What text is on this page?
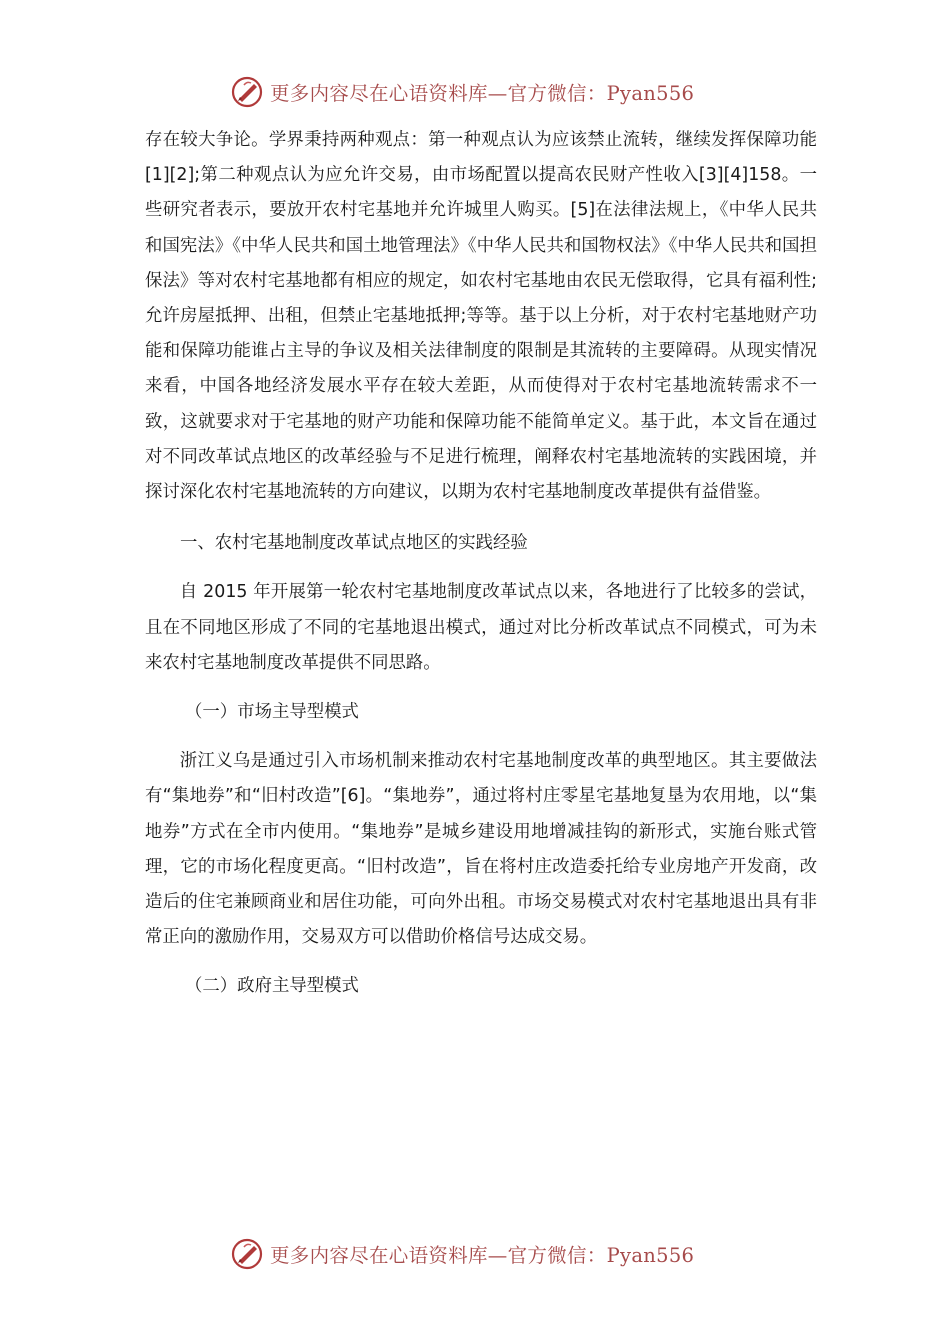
更多内容尽在心语资料库—官方微信：Pyan556

存在较大争论。学界秉持两种观点：第一种观点认为应该禁止流转，继续发挥保障功能[1][2];第二种观点认为应允许交易，由市场配置以提高农民财产性收入[3][4]158。一些研究者表示，要放开农村宅基地并允许城里人购买。[5]在法律法规上，《中华人民共和国宪法》《中华人民共和国土地管理法》《中华人民共和国物权法》《中华人民共和国担保法》等对农村宅基地都有相应的规定，如农村宅基地由农民无偿取得，它具有福利性;允许房屋抵押、出租，但禁止宅基地抵押;等等。基于以上分析，对于农村宅基地财产功能和保障功能谁占主导的争议及相关法律制度的限制是其流转的主要障碍。从现实情况来看，中国各地经济发展水平存在较大差距，从而使得对于农村宅基地流转需求不一致，这就要求对于宅基地的财产功能和保障功能不能简单定义。基于此，本文旨在通过对不同改革试点地区的改革经验与不足进行梳理，阐释农村宅基地流转的实践困境，并探讨深化农村宅基地流转的方向建议，以期为农村宅基地制度改革提供有益借鉴。

一、农村宅基地制度改革试点地区的实践经验

自 2015 年开展第一轮农村宅基地制度改革试点以来，各地进行了比较多的尝试，且在不同地区形成了不同的宅基地退出模式，通过对比分析改革试点不同模式，可为未来农村宅基地制度改革提供不同思路。

（一）市场主导型模式

浙江义乌是通过引入市场机制来推动农村宅基地制度改革的典型地区。其主要做法有“集地券”和“旧村改造”[6]。“集地券”，通过将村庄零星宅基地复垦为农用地，以“集地券”方式在全市内使用。“集地券”是城乡建设用地增减挂钩的新形式，实施台账式管理，它的市场化程度更高。“旧村改造”，旨在将村庄改造委托给专业房地产开发商，改造后的住宅兼顾商业和居住功能，可向外出租。市场交易模式对农村宅基地退出具有非常正向的激励作用，交易双方可以借助价格信号达成交易。

（二）政府主导型模式

更多内容尽在心语资料库—官方微信：Pyan556
